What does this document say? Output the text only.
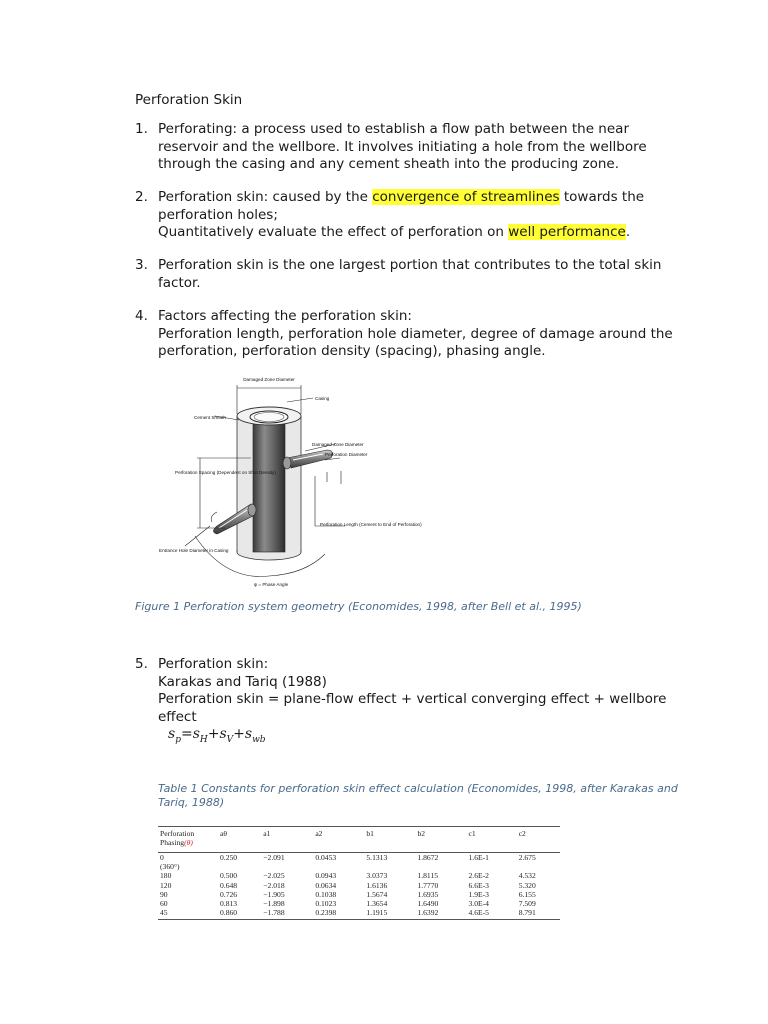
Perforation Skin
1. Perforating: a process used to establish a flow path between the near reservoir and the wellbore. It involves initiating a hole from the wellbore through the casing and any cement sheath into the producing zone.
2. Perforation skin: caused by the convergence of streamlines towards the perforation holes;
Quantitatively evaluate the effect of perforation on well performance.
3. Perforation skin is the one largest portion that contributes to the total skin factor.
4. Factors affecting the perforation skin:
Perforation length, perforation hole diameter, degree of damage around the perforation, perforation density (spacing), phasing angle.
5. Perforation skin:
Karakas and Tariq (1988)
Perforation skin = plane-flow effect + vertical converging effect + wellbore effect
Damaged Zone Diameter
Casing
Cement Sheath
Damaged Zone Diameter
Perforation Diameter
Perforation Spacing (Dependent on Shot Density)
Perforation Length (Cement to End of Perforation)
Entrance Hole Diameter in Casing
ψ = Phase Angle
Figure 1 Perforation system geometry (Economides, 1998, after Bell et al., 1995)
$s_p=s_H+s_V+s_{wb}$
Table 1 Constants for perforation skin effect calculation (Economides, 1998, after Karakas and Tariq, 1988)
Perforation Phasing(θ)	aθ	a1	a2	b1	b2	c1	c2
0	0.250	−2.091	0.0453	5.1313	1.8672	1.6E-1	2.675
(360°)							
180	0.500	−2.025	0.0943	3.0373	1.8115	2.6E-2	4.532
120	0.648	−2.018	0.0634	1.6136	1.7770	6.6E-3	5.320
90	0.726	−1.905	0.1038	1.5674	1.6935	1.9E-3	6.155
60	0.813	−1.898	0.1023	1.3654	1.6490	3.0E-4	7.509
45	0.860	−1.788	0.2398	1.1915	1.6392	4.6E-5	8.791
